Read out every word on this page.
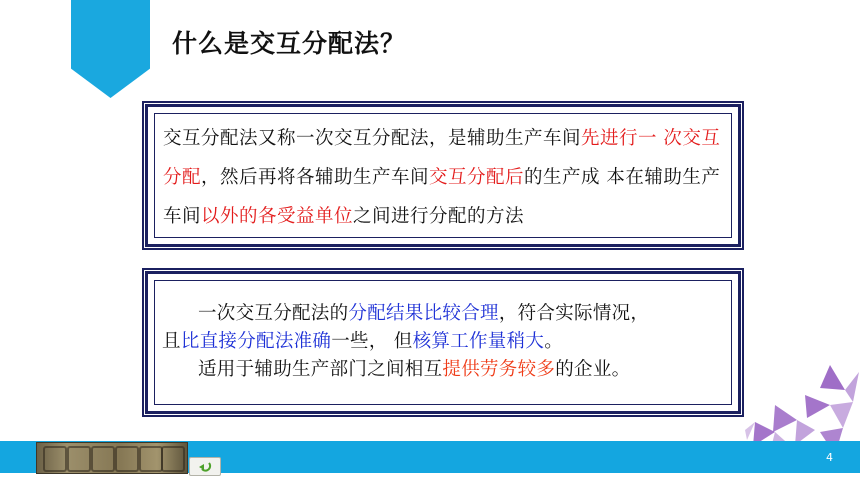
什么是交互分配法？
交互分配法又称一次交互分配法，是辅助生产车间先进行一 次交互分配，然后再将各辅助生产车间交互分配后的生产成 本在辅助生产车间以外的各受益单位之间进行分配的方法
一次交互分配法的分配结果比较合理，符合实际情况，
且比直接分配法准确一些， 但核算工作量稍大。
适用于辅助生产部门之间相互提供劳务较多的企业。
4
